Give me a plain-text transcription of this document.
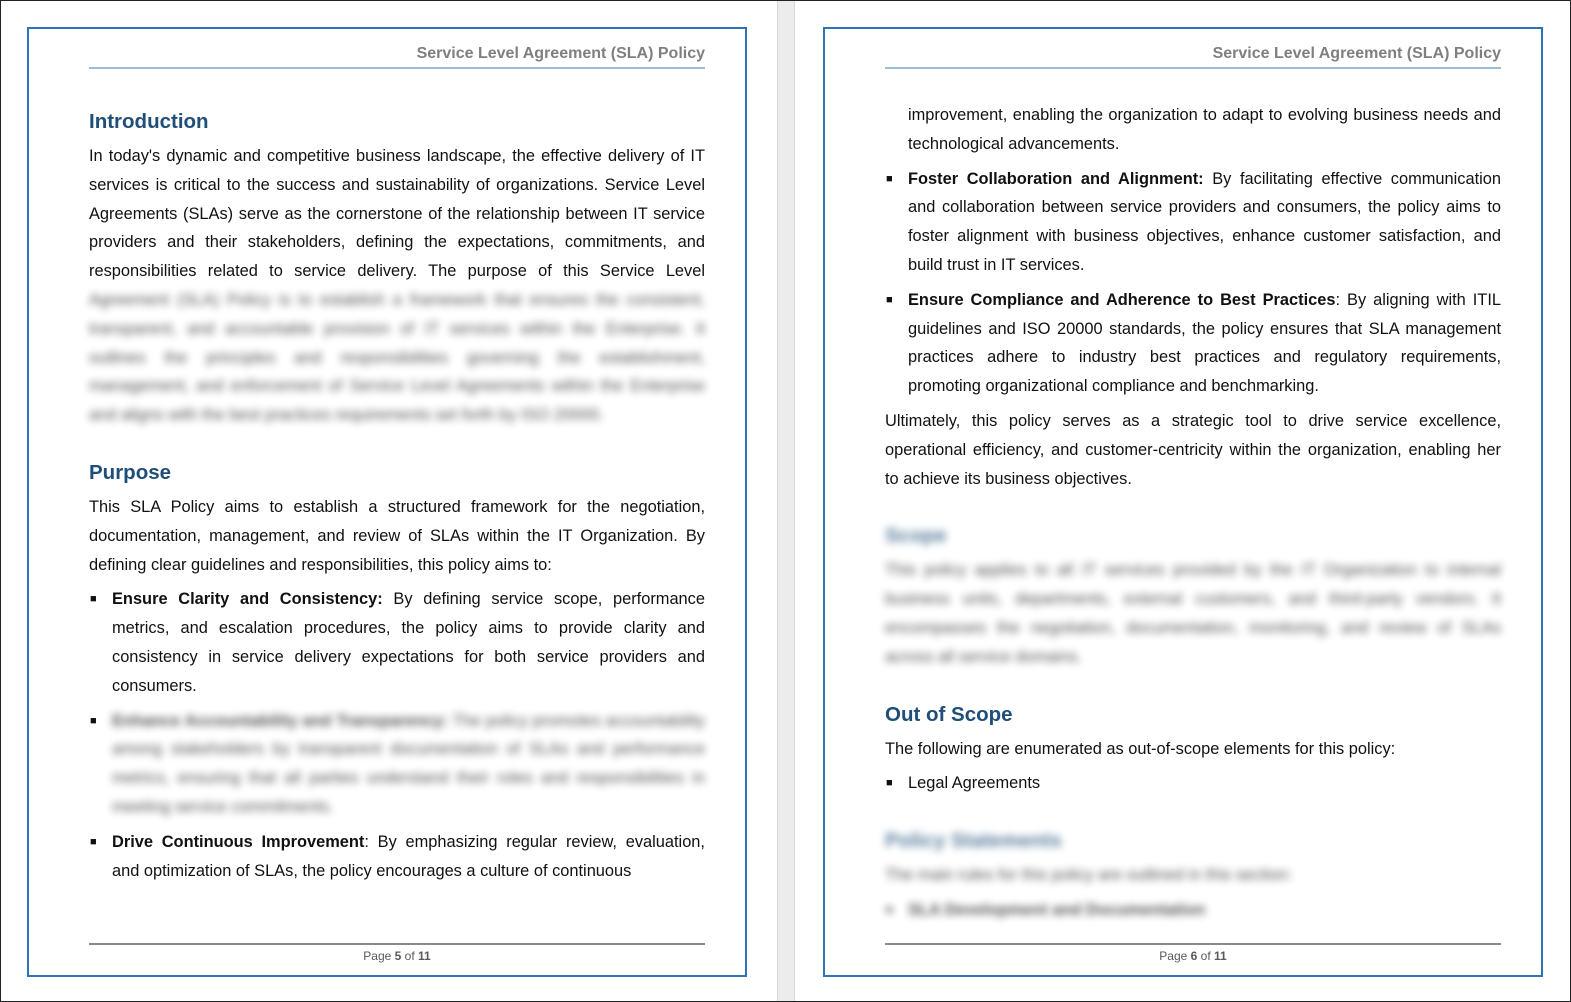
Service Level Agreement (SLA) Policy
Introduction

In today's dynamic and competitive business landscape, the effective delivery of IT services is critical to the success and sustainability of organizations. Service Level Agreements (SLAs) serve as the cornerstone of the relationship between IT service providers and their stakeholders, defining the expectations, commitments, and responsibilities related to service delivery. The purpose of this Service Level Agreement (SLA) Policy is to establish a framework that ensures the consistent, transparent, and accountable provision of IT services within the Enterprise. It outlines the principles and responsibilities governing the establishment, management, and enforcement of Service Level Agreements within the Enterprise and aligns with the best practices requirements set forth by ISO 20000.

Purpose

This SLA Policy aims to establish a structured framework for the negotiation, documentation, management, and review of SLAs within the IT Organization. By defining clear guidelines and responsibilities, this policy aims to:

■ Ensure Clarity and Consistency: By defining service scope, performance metrics, and escalation procedures, the policy aims to provide clarity and consistency in service delivery expectations for both service providers and consumers.
■ Enhance Accountability and Transparency: The policy promotes accountability among stakeholders by transparent documentation of SLAs and performance metrics, ensuring that all parties understand their roles and responsibilities in meeting service commitments.
■ Drive Continuous Improvement: By emphasizing regular review, evaluation, and optimization of SLAs, the policy encourages a culture of continuous
Page 5 of 11
Service Level Agreement (SLA) Policy
improvement, enabling the organization to adapt to evolving business needs and technological advancements.
■ Foster Collaboration and Alignment: By facilitating effective communication and collaboration between service providers and consumers, the policy aims to foster alignment with business objectives, enhance customer satisfaction, and build trust in IT services.
■ Ensure Compliance and Adherence to Best Practices: By aligning with ITIL guidelines and ISO 20000 standards, the policy ensures that SLA management practices adhere to industry best practices and regulatory requirements, promoting organizational compliance and benchmarking.

Ultimately, this policy serves as a strategic tool to drive service excellence, operational efficiency, and customer-centricity within the organization, enabling her to achieve its business objectives.

Scope

This policy applies to all IT services provided by the IT Organization to internal business units, departments, external customers, and third-party vendors. It encompasses the negotiation, documentation, monitoring, and review of SLAs across all service domains.

Out of Scope

The following are enumerated as out-of-scope elements for this policy:

■ Legal Agreements
Policy Statements

The main rules for this policy are outlined in this section:

■ SLA Development and Documentation
Page 6 of 11
